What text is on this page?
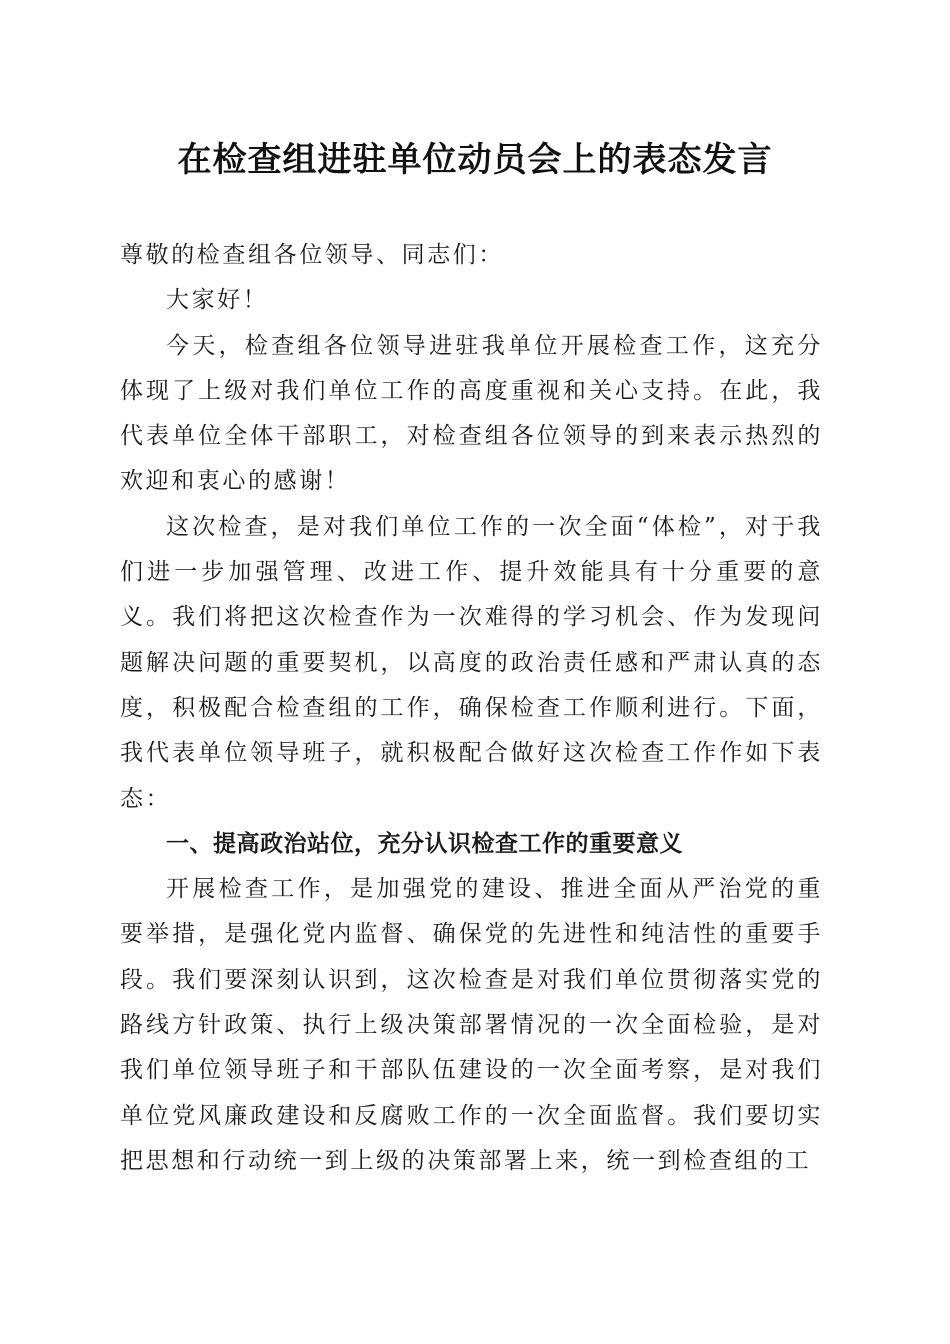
在检查组进驻单位动员会上的表态发言

尊敬的检查组各位领导、同志们：

大家好！

今天，检查组各位领导进驻我单位开展检查工作，这充分体现了上级对我们单位工作的高度重视和关心支持。在此，我代表单位全体干部职工，对检查组各位领导的到来表示热烈的欢迎和衷心的感谢！

这次检查，是对我们单位工作的一次全面“体检”，对于我们进一步加强管理、改进工作、提升效能具有十分重要的意义。我们将把这次检查作为一次难得的学习机会、作为发现问题解决问题的重要契机，以高度的政治责任感和严肃认真的态度，积极配合检查组的工作，确保检查工作顺利进行。下面，我代表单位领导班子，就积极配合做好这次检查工作作如下表态：

一、提高政治站位，充分认识检查工作的重要意义

开展检查工作，是加强党的建设、推进全面从严治党的重要举措，是强化党内监督、确保党的先进性和纯洁性的重要手段。我们要深刻认识到，这次检查是对我们单位贯彻落实党的路线方针政策、执行上级决策部署情况的一次全面检验，是对我们单位领导班子和干部队伍建设的一次全面考察，是对我们单位党风廉政建设和反腐败工作的一次全面监督。我们要切实把思想和行动统一到上级的决策部署上来，统一到检查组的工
